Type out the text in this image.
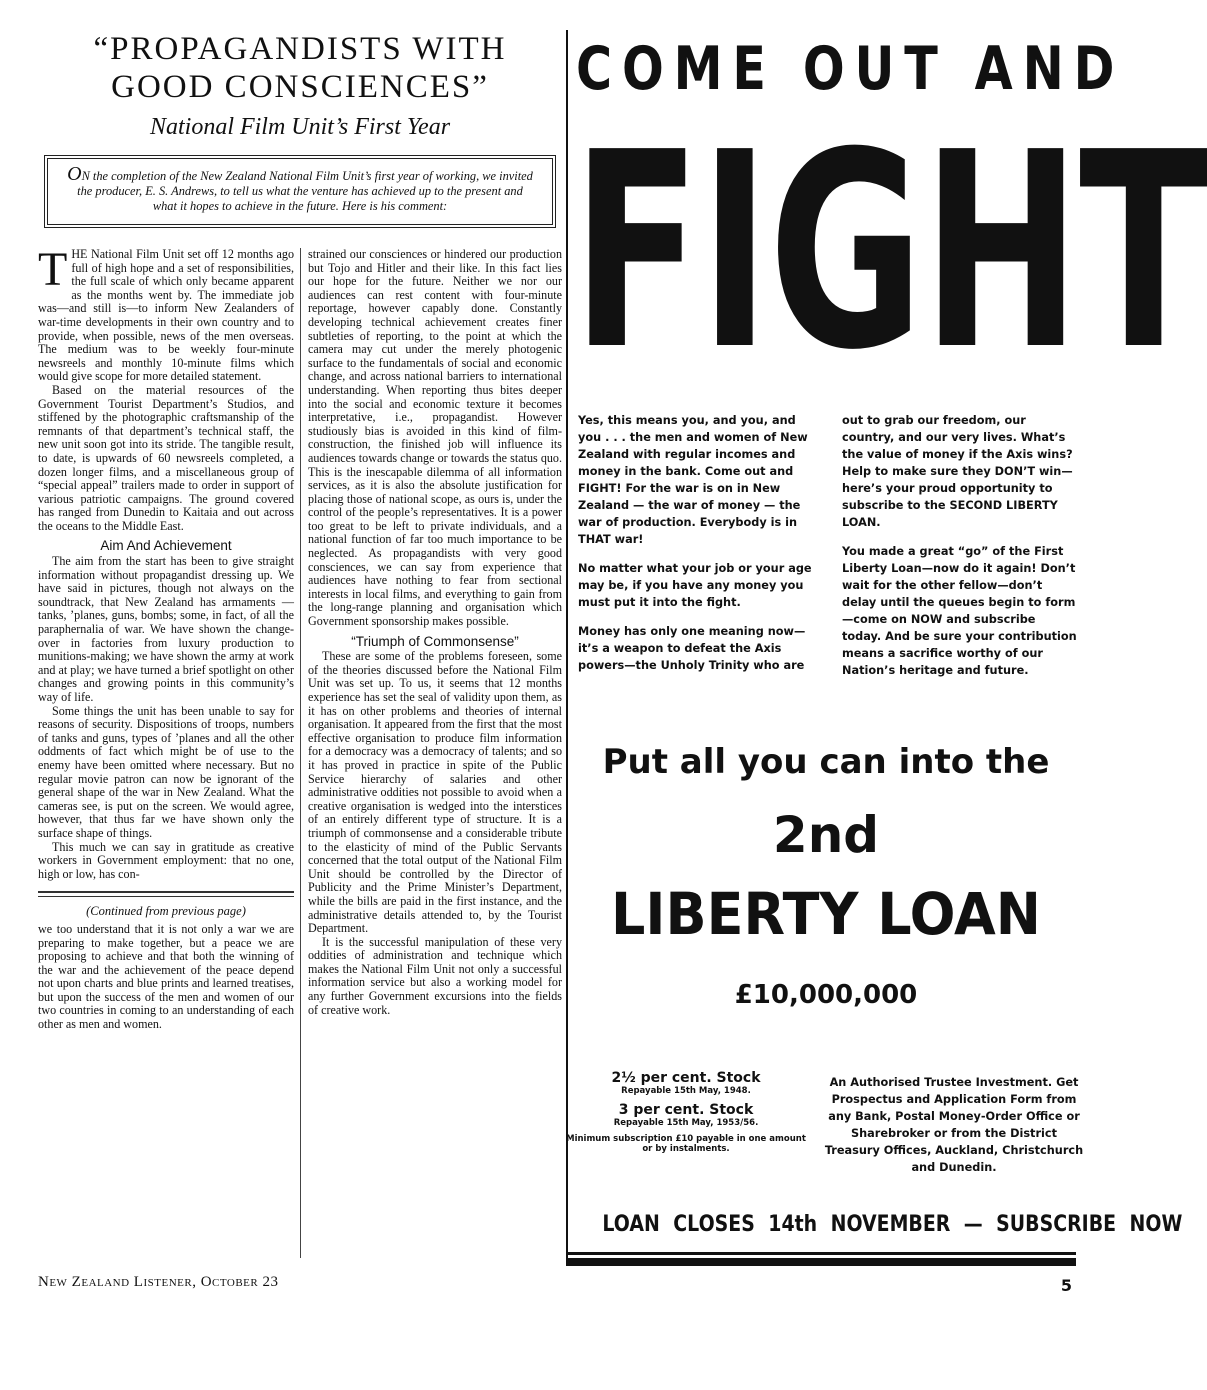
“PROPAGANDISTS WITH
GOOD CONSCIENCES”
National Film Unit’s First Year
ON the completion of the New Zealand National Film Unit’s first year of working, we invited the producer, E. S. Andrews, to tell us what the venture has achieved up to the present and what it hopes to achieve in the future. Here is his comment:

THE National Film Unit set off 12 months ago full of high hope and a set of responsibilities, the full scale of which only became apparent as the months went by. The immediate job was—and still is—to inform New Zealanders of war-time developments in their own country and to provide, when possible, news of the men overseas. The medium was to be weekly four-minute newsreels and monthly 10-minute films which would give scope for more detailed statement.

Based on the material resources of the Government Tourist Department’s Studios, and stiffened by the photographic craftsmanship of the remnants of that department’s technical staff, the new unit soon got into its stride. The tangible result, to date, is upwards of 60 newsreels completed, a dozen longer films, and a miscellaneous group of “special appeal” trailers made to order in support of various patriotic campaigns. The ground covered has ranged from Dunedin to Kaitaia and out across the oceans to the Middle East.

Aim And Achievement

The aim from the start has been to give straight information without propagandist dressing up. We have said in pictures, though not always on the soundtrack, that New Zealand has armaments —tanks, ’planes, guns, bombs; some, in fact, of all the paraphernalia of war. We have shown the change-over in factories from luxury production to munitions-making; we have shown the army at work and at play; we have turned a brief spotlight on other changes and growing points in this community’s way of life.

Some things the unit has been unable to say for reasons of security. Dispositions of troops, numbers of tanks and guns, types of ’planes and all the other oddments of fact which might be of use to the enemy have been omitted where necessary. But no regular movie patron can now be ignorant of the general shape of the war in New Zealand. What the cameras see, is put on the screen. We would agree, however, that thus far we have shown only the surface shape of things.

This much we can say in gratitude as creative workers in Government employment: that no one, high or low, has con-

(Continued from previous page)

we too understand that it is not only a war we are preparing to make together, but a peace we are proposing to achieve and that both the winning of the war and the achievement of the peace depend not upon charts and blue prints and learned treatises, but upon the success of the men and women of our two countries in coming to an understanding of each other as men and women.

strained our consciences or hindered our production but Tojo and Hitler and their like. In this fact lies our hope for the future. Neither we nor our audiences can rest content with four-minute reportage, however capably done. Constantly developing technical achievement creates finer subtleties of reporting, to the point at which the camera may cut under the merely photogenic surface to the fundamentals of social and economic change, and across national barriers to international understanding. When reporting thus bites deeper into the social and economic texture it becomes interpretative, i.e., propagandist. However studiously bias is avoided in this kind of film-construction, the finished job will influence its audiences towards change or towards the status quo. This is the inescapable dilemma of all information services, as it is also the absolute justification for placing those of national scope, as ours is, under the control of the people’s representatives. It is a power too great to be left to private individuals, and a national function of far too much importance to be neglected. As propagandists with very good consciences, we can say from experience that audiences have nothing to fear from sectional interests in local films, and everything to gain from the long-range planning and organisation which Government sponsorship makes possible.

“Triumph of Commonsense”

These are some of the problems foreseen, some of the theories discussed before the National Film Unit was set up. To us, it seems that 12 months experience has set the seal of validity upon them, as it has on other problems and theories of internal organisation. It appeared from the first that the most effective organisation to produce film information for a democracy was a democracy of talents; and so it has proved in practice in spite of the Public Service hierarchy of salaries and other administrative oddities not possible to avoid when a creative organisation is wedged into the interstices of an entirely different type of structure. It is a triumph of commonsense and a considerable tribute to the elasticity of mind of the Public Servants concerned that the total output of the National Film Unit should be controlled by the Director of Publicity and the Prime Minister’s Department, while the bills are paid in the first instance, and the administrative details attended to, by the Tourist Department.

It is the successful manipulation of these very oddities of administration and technique which makes the National Film Unit not only a successful information service but also a working model for any further Government excursions into the fields of creative work.

COME OUT AND
FIGHT

Yes, this means you, and you, and you . . . the men and women of New Zealand with regular incomes and money in the bank. Come out and FIGHT! For the war is on in New Zealand — the war of money — the war of production. Everybody is in THAT war!

No matter what your job or your age may be, if you have any money you must put it into the fight.

Money has only one meaning now— it’s a weapon to defeat the Axis powers—the Unholy Trinity who are

out to grab our freedom, our country, and our very lives. What’s the value of money if the Axis wins? Help to make sure they DON’T win—here’s your proud opportunity to subscribe to the SECOND LIBERTY LOAN.

You made a great “go” of the First Liberty Loan—now do it again! Don’t wait for the other fellow—don’t delay until the queues begin to form —come on NOW and subscribe today. And be sure your contribution means a sacrifice worthy of our Nation’s heritage and future.

Put all you can into the
2nd
LIBERTY LOAN
£10,000,000
2½ per cent. Stock
Repayable 15th May, 1948.
3 per cent. Stock
Repayable 15th May, 1953/56.
Minimum subscription £10 payable in one amount or by instalments.
An Authorised Trustee Investment. Get Prospectus and Application Form from any Bank, Postal Money-Order Office or Sharebroker or from the District Treasury Offices, Auckland, Christchurch and Dunedin.
LOAN CLOSES 14th NOVEMBER — SUBSCRIBE NOW
New Zealand Listener, October 23	5
